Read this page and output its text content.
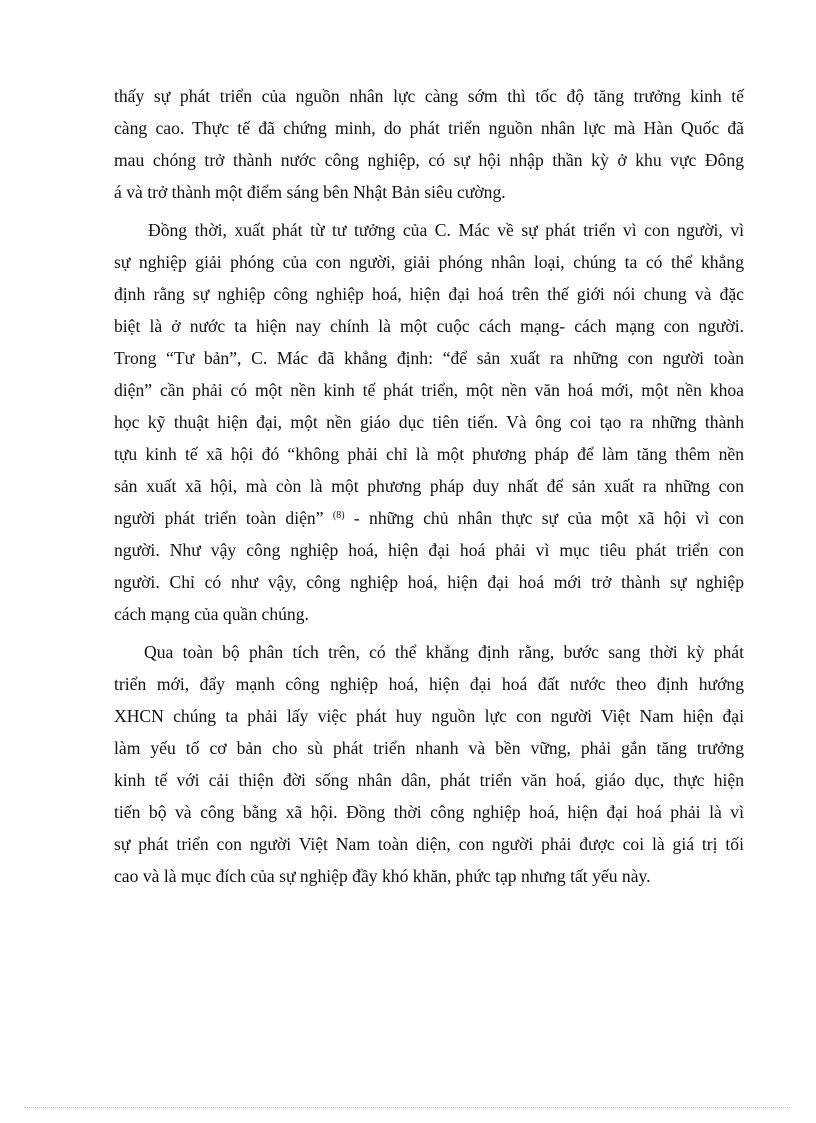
thấy sự phát triển của nguồn nhân lực càng sớm thì tốc độ tăng trưởng kinh tế
càng cao. Thực tế đã chứng minh, do phát triển nguồn nhân lực mà Hàn Quốc đã
mau chóng trở thành nước công nghiệp, có sự hội nhập thần kỳ ở khu vực Đông
á và trở thành một điểm sáng bên Nhật Bản siêu cường.
Đồng thời, xuất phát từ tư tưởng của C. Mác về sự phát triển vì con người, vì
sự nghiệp giải phóng của con người, giải phóng nhân loại, chúng ta có thể khẳng
định rằng sự nghiệp công nghiệp hoá, hiện đại hoá trên thế giới nói chung và đặc
biệt là ở nước ta hiện nay chính là một cuộc cách mạng- cách mạng con người.
Trong “Tư bản”, C. Mác đã khẳng định: “để sản xuất ra những con người toàn
diện” cần phải có một nền kinh tế phát triển, một nền văn hoá mới, một nền khoa
học kỹ thuật hiện đại, một nền giáo dục tiên tiến. Và ông coi tạo ra những thành
tựu kinh tế xã hội đó “không phải chỉ là một phương pháp để làm tăng thêm nền
sản xuất xã hội, mà còn là một phương pháp duy nhất để sản xuất ra những con
người phát triển toàn diện” $^{(8)}$ - những chủ nhân thực sự của một xã hội vì con
người. Như vậy công nghiệp hoá, hiện đại hoá phải vì mục tiêu phát triển con
người. Chỉ có như vậy, công nghiệp hoá, hiện đại hoá mới trở thành sự nghiệp
cách mạng của quần chúng.
Qua toàn bộ phân tích trên, có thể khẳng định rằng, bước sang thời kỳ phát
triển mới, đẩy mạnh công nghiệp hoá, hiện đại hoá đất nước theo định hướng
XHCN chúng ta phải lấy việc phát huy nguồn lực con người Việt Nam hiện đại
làm yếu tố cơ bản cho sù phát triển nhanh và bền vững, phải gắn tăng trưởng
kinh tế với cải thiện đời sống nhân dân, phát triển văn hoá, giáo dục, thực hiện
tiến bộ và công bằng xã hội. Đồng thời công nghiệp hoá, hiện đại hoá phải là vì
sự phát triển con người Việt Nam toàn diện, con người phải được coi là giá trị tối
cao và là mục đích của sự nghiệp đầy khó khăn, phức tạp nhưng tất yếu này.
